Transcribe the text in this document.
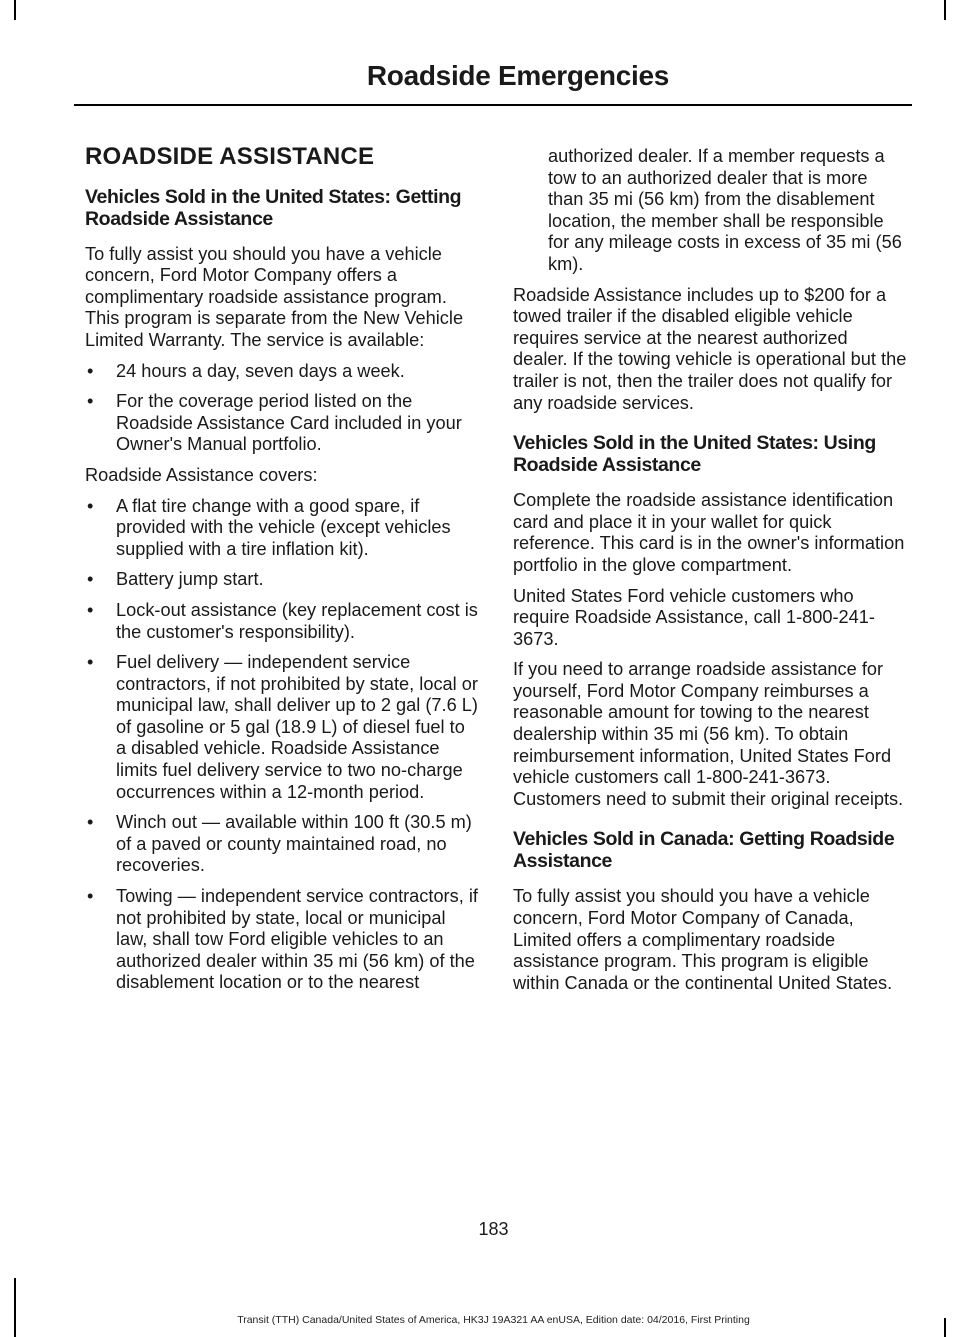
Roadside Emergencies
ROADSIDE ASSISTANCE
Vehicles Sold in the United States: Getting Roadside Assistance

To fully assist you should you have a vehicle concern, Ford Motor Company offers a complimentary roadside assistance program. This program is separate from the New Vehicle Limited Warranty. The service is available:

• 24 hours a day, seven days a week.
• For the coverage period listed on the Roadside Assistance Card included in your Owner's Manual portfolio.

Roadside Assistance covers:

• A flat tire change with a good spare, if provided with the vehicle (except vehicles supplied with a tire inflation kit).
• Battery jump start.
• Lock-out assistance (key replacement cost is the customer's responsibility).
• Fuel delivery — independent service contractors, if not prohibited by state, local or municipal law, shall deliver up to 2 gal (7.6 L) of gasoline or 5 gal (18.9 L) of diesel fuel to a disabled vehicle. Roadside Assistance limits fuel delivery service to two no-charge occurrences within a 12-month period.
• Winch out — available within 100 ft (30.5 m) of a paved or county maintained road, no recoveries.
• Towing — independent service contractors, if not prohibited by state, local or municipal law, shall tow Ford eligible vehicles to an authorized dealer within 35 mi (56 km) of the disablement location or to the nearest

authorized dealer. If a member requests a tow to an authorized dealer that is more than 35 mi (56 km) from the disablement location, the member shall be responsible for any mileage costs in excess of 35 mi (56 km).

Roadside Assistance includes up to $200 for a towed trailer if the disabled eligible vehicle requires service at the nearest authorized dealer. If the towing vehicle is operational but the trailer is not, then the trailer does not qualify for any roadside services.

Vehicles Sold in the United States: Using Roadside Assistance

Complete the roadside assistance identification card and place it in your wallet for quick reference. This card is in the owner's information portfolio in the glove compartment.

United States Ford vehicle customers who require Roadside Assistance, call 1-800-241-3673.

If you need to arrange roadside assistance for yourself, Ford Motor Company reimburses a reasonable amount for towing to the nearest dealership within 35 mi (56 km). To obtain reimbursement information, United States Ford vehicle customers call 1-800-241-3673. Customers need to submit their original receipts.

Vehicles Sold in Canada: Getting Roadside Assistance

To fully assist you should you have a vehicle concern, Ford Motor Company of Canada, Limited offers a complimentary roadside assistance program. This program is eligible within Canada or the continental United States.

183
Transit (TTH) Canada/United States of America, HK3J 19A321 AA enUSA, Edition date: 04/2016, First Printing
